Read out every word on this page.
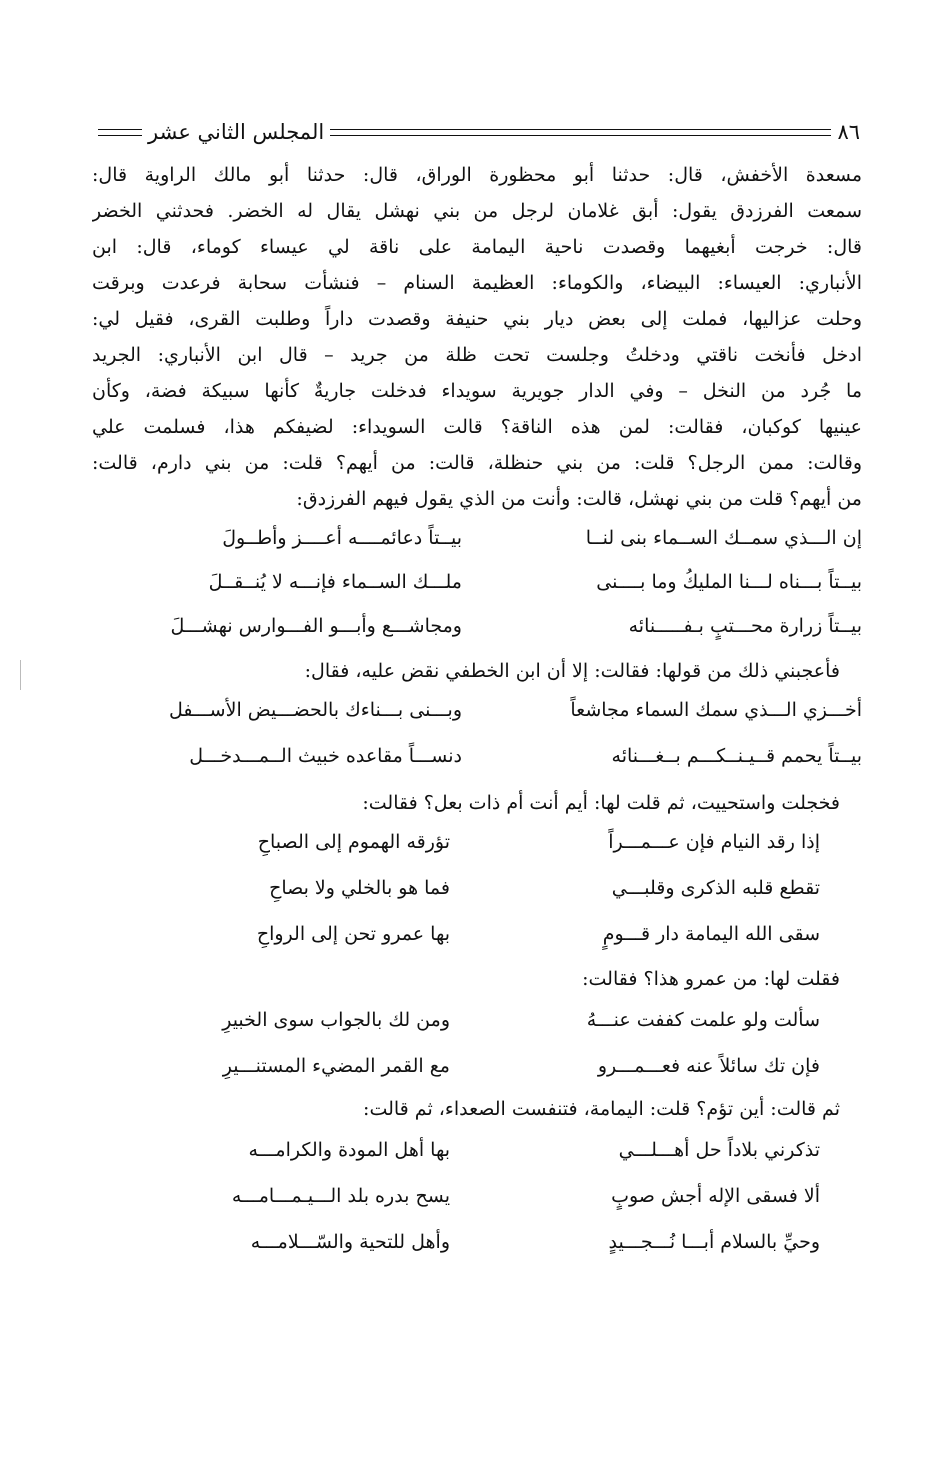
المجلس الثاني عشر	٨٦
مسعدة الأخفش، قال: حدثنا أبو محظورة الوراق، قال: حدثنا أبو مالك الراوية قال:
سمعت الفرزدق يقول: أبق غلامان لرجل من بني نهشل يقال له الخضر. فحدثني الخضر
قال: خرجت أبغيهما وقصدت ناحية اليمامة على ناقة لي عيساء كوماء، قال: ابن
الأنباري: العيساء: البيضاء، والكوماء: العظيمة السنام – فنشأت سحابة فرعدت وبرقت
وحلت عزاليها، فملت إلى بعض ديار بني حنيفة وقصدت داراً وطلبت القرى، فقيل لي:
ادخل فأنخت ناقتي ودخلتُ وجلست تحت ظلة من جريد – قال ابن الأنباري: الجريد
ما جُرد من النخل – وفي الدار جويرية سويداء فدخلت جاريةٌ كأنها سبيكة فضة، وكأن
عينيها كوكبان، فقالت: لمن هذه الناقة؟ قالت السويداء: لضيفكم هذا، فسلمت علي
وقالت: ممن الرجل؟ قلت: من بني حنظلة، قالت: من أيهم؟ قلت: من بني دارم، قالت:
من أيهم؟ قلت من بني نهشل، قالت: وأنت من الذي يقول فيهم الفرزدق:
إن الـــذي سمــك الســماء بنى لنــا
بيــتاً دعائمــــه أعــــز وأطــولَ
بيــتاً بـــناه لـــنا المليكُ وما بــــنى
ملـــك الســماء فإنـــه لا يُنــقــلَ
بيــتاً زرارة محـــتبٍ بـفـــــنائه
ومجاشـــع وأبـــو الفـــوارس نهشـــلَ
فأعجبني ذلك من قولها: فقالت: إلا أن ابن الخطفي نقض عليه، فقال:
أخـــزي الـــذي سمك السماء مجاشعاً
وبـــنى بـــناءك بالحضـــيض الأســـفل
بيــتاً يحمم قــيـنــكـــم بــغـــنائه
دنســـاً مقاعده خبيث الــمـــدخـــل
فخجلت واستحييت، ثم قلت لها: أيم أنت أم ذات بعل؟ فقالت:
إذا رقد النيام فإن عـــمـــراً
تؤرقه الهموم إلى الصباحِ
تقطع قلبه الذكرى وقلبـــي
فما هو بالخلي ولا بصاحِ
سقى الله اليمامة دار قـــومٍ
بها عمرو تحن إلى الرواحِ
فقلت لها: من عمرو هذا؟ فقالت:
سألت ولو علمت كففت عنـــهُ
ومن لك بالجواب سوى الخبيرِ
فإن تك سائلاً عنه فعـــمـــرو
مع القمر المضيء المستنـــيرِ
ثم قالت: أين تؤم؟ قلت: اليمامة، فتنفست الصعداء، ثم قالت:
تذكرني بلاداً حل أهـــلـــي
بها أهل المودة والكرامـــه
ألا فسقى الإله أجش صوبٍ
يسح بدره بلد الـــيـمـــامـــه
وحيِّ بالسلام أبـــا نُـــجـــيدٍ
وأهل للتحية والسّـــلامـــه
